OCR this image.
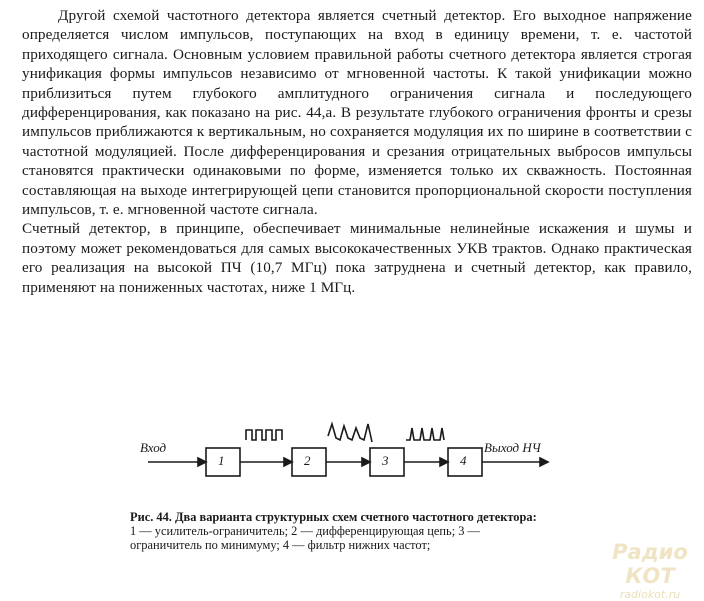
Другой схемой частотного детектора является счетный детектор. Его выходное напряжение определяется числом импульсов, поступающих на вход в единицу времени, т. е. частотой приходящего сигнала. Основным условием правильной работы счетного детектора является строгая унификация формы импульсов независимо от мгновенной частоты. К такой унификации можно приблизиться путем глубокого амплитудного ограничения сигнала и последующего дифференцирования, как показано на рис. 44,а. В результате глубокого ограничения фронты и срезы импульсов приближаются к вертикальным, но сохраняется модуляция их по ширине в соответствии с частотной модуляцией. После дифференцирования и срезания отрицательных выбросов импульсы становятся практически одинаковыми по форме, изменяется только их скважность. Постоянная составляющая на выходе интегрирующей цепи становится пропорциональной скорости поступления импульсов, т. е. мгновенной частоте сигнала.

Счетный детектор, в принципе, обеспечивает минимальные нелинейные искажения и шумы и поэтому может рекомендоваться для самых высококачественных УКВ трактов. Однако практическая его реализация на высокой ПЧ (10,7 МГц) пока затруднена и счетный детектор, как правило, применяют на пониженных частотах, ниже 1 МГц.

Вход	Выход НЧ
1	2	3	4

Рис. 44. Два варианта структурных схем счетного частотного детектора:

1 — усилитель-ограничитель; 2 — дифференцирующая цепь; 3 — ограничитель по минимуму; 4 — фильтр нижних частот;	Радио КОТ
radiokot.ru
